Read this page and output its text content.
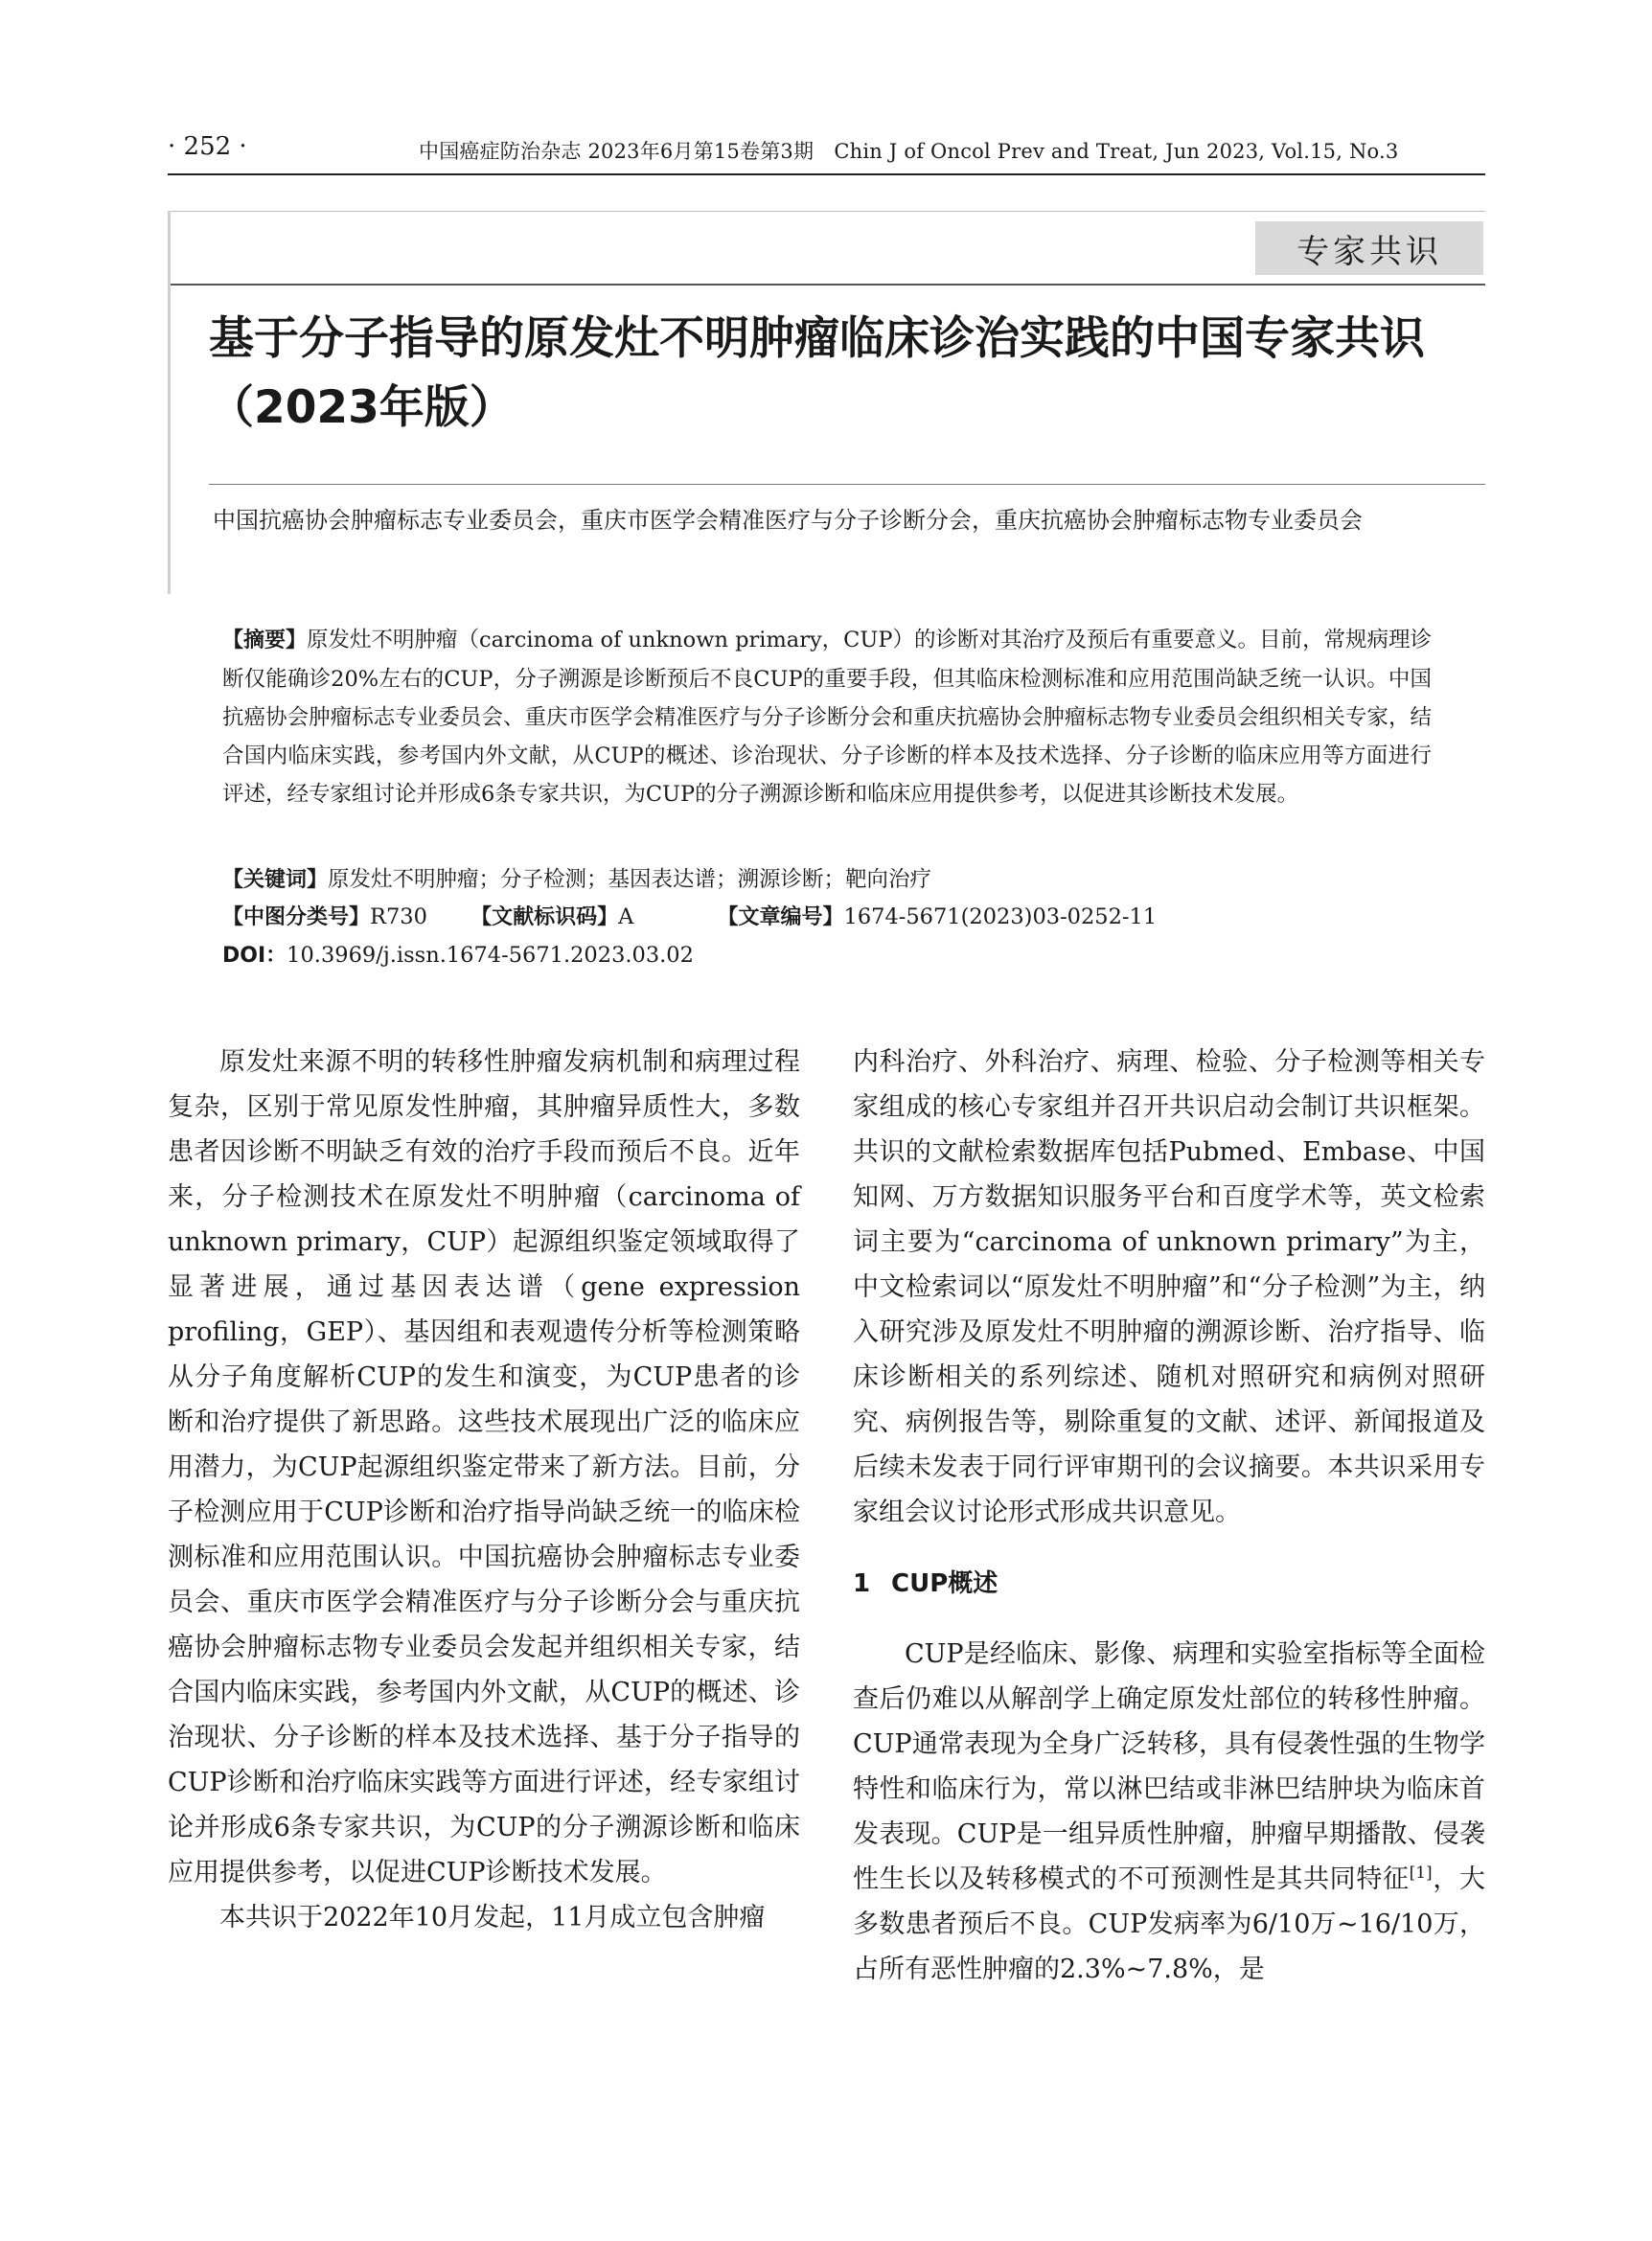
· 252 ·	中国癌症防治杂志 2023年6月第15卷第3期　Chin J of Oncol Prev and Treat, Jun 2023, Vol.15, No.3
专家共识
基于分子指导的原发灶不明肿瘤临床诊治实践的中国专家共识（2023年版）
中国抗癌协会肿瘤标志专业委员会，重庆市医学会精准医疗与分子诊断分会，重庆抗癌协会肿瘤标志物专业委员会
【摘要】原发灶不明肿瘤（carcinoma of unknown primary，CUP）的诊断对其治疗及预后有重要意义。目前，常规病理诊断仅能确诊20%左右的CUP，分子溯源是诊断预后不良CUP的重要手段，但其临床检测标准和应用范围尚缺乏统一认识。中国抗癌协会肿瘤标志专业委员会、重庆市医学会精准医疗与分子诊断分会和重庆抗癌协会肿瘤标志物专业委员会组织相关专家，结合国内临床实践，参考国内外文献，从CUP的概述、诊治现状、分子诊断的样本及技术选择、分子诊断的临床应用等方面进行评述，经专家组讨论并形成6条专家共识，为CUP的分子溯源诊断和临床应用提供参考，以促进其诊断技术发展。
【关键词】原发灶不明肿瘤；分子检测；基因表达谱；溯源诊断；靶向治疗
【中图分类号】R730 【文献标识码】A	【文章编号】1674-5671(2023)03-0252-11
DOI：10.3969/j.issn.1674-5671.2023.03.02

原发灶来源不明的转移性肿瘤发病机制和病理过程复杂，区别于常见原发性肿瘤，其肿瘤异质性大，多数患者因诊断不明缺乏有效的治疗手段而预后不良。近年来，分子检测技术在原发灶不明肿瘤（carcinoma of unknown primary，CUP）起源组织鉴定领域取得了显著进展，通过基因表达谱（gene expression profiling，GEP）、基因组和表观遗传分析等检测策略从分子角度解析CUP的发生和演变，为CUP患者的诊断和治疗提供了新思路。这些技术展现出广泛的临床应用潜力，为CUP起源组织鉴定带来了新方法。目前，分子检测应用于CUP诊断和治疗指导尚缺乏统一的临床检测标准和应用范围认识。中国抗癌协会肿瘤标志专业委员会、重庆市医学会精准医疗与分子诊断分会与重庆抗癌协会肿瘤标志物专业委员会发起并组织相关专家，结合国内临床实践，参考国内外文献，从CUP的概述、诊治现状、分子诊断的样本及技术选择、基于分子指导的CUP诊断和治疗临床实践等方面进行评述，经专家组讨论并形成6条专家共识，为CUP的分子溯源诊断和临床应用提供参考，以促进CUP诊断技术发展。

本共识于2022年10月发起，11月成立包含肿瘤

内科治疗、外科治疗、病理、检验、分子检测等相关专家组成的核心专家组并召开共识启动会制订共识框架。共识的文献检索数据库包括Pubmed、Embase、中国知网、万方数据知识服务平台和百度学术等，英文检索词主要为“carcinoma of unknown primary”为主，中文检索词以“原发灶不明肿瘤”和“分子检测”为主，纳入研究涉及原发灶不明肿瘤的溯源诊断、治疗指导、临床诊断相关的系列综述、随机对照研究和病例对照研究、病例报告等，剔除重复的文献、述评、新闻报道及后续未发表于同行评审期刊的会议摘要。本共识采用专家组会议讨论形式形成共识意见。

1 CUP概述

CUP是经临床、影像、病理和实验室指标等全面检查后仍难以从解剖学上确定原发灶部位的转移性肿瘤。CUP通常表现为全身广泛转移，具有侵袭性强的生物学特性和临床行为，常以淋巴结或非淋巴结肿块为临床首发表现。CUP是一组异质性肿瘤，肿瘤早期播散、侵袭性生长以及转移模式的不可预测性是其共同特征[1]，大多数患者预后不良。CUP发病率为6/10万~16/10万，占所有恶性肿瘤的2.3%~7.8%，是
